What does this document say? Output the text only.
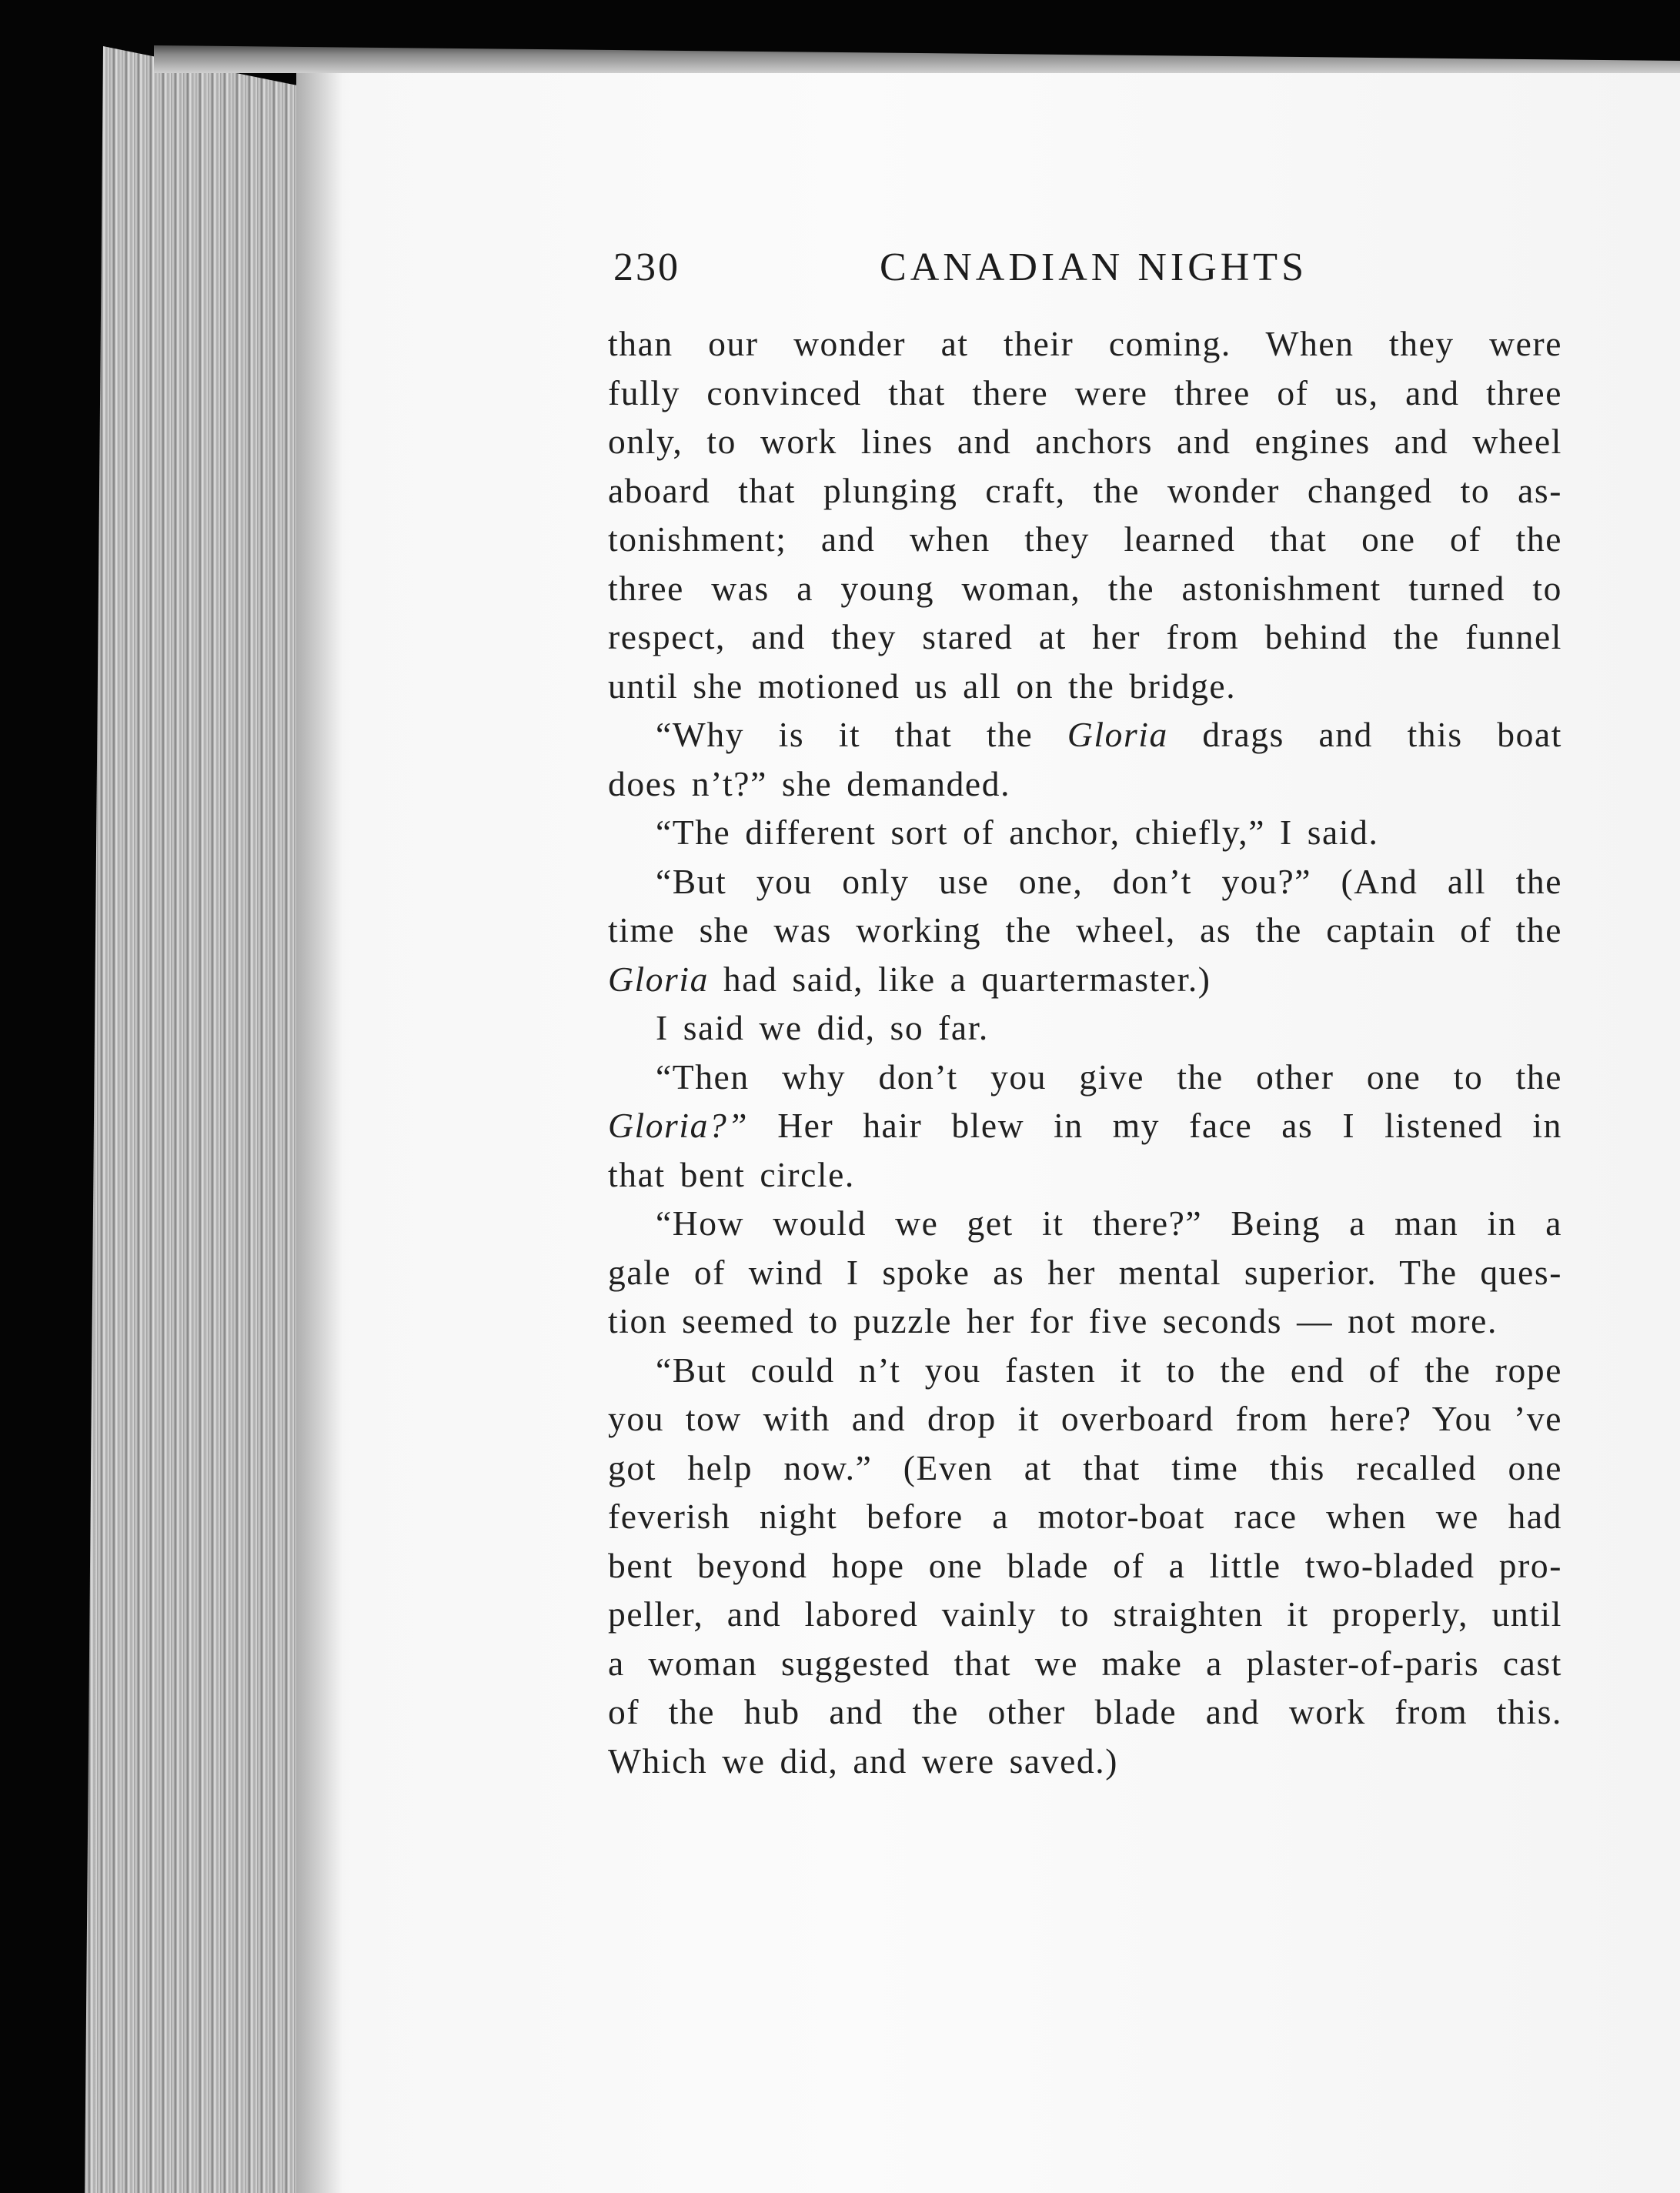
230	CANADIAN NIGHTS
than our wonder at their coming. When they were
fully convinced that there were three of us, and three
only, to work lines and anchors and engines and wheel
aboard that plunging craft, the wonder changed to as-
tonishment; and when they learned that one of the
three was a young woman, the astonishment turned to
respect, and they stared at her from behind the funnel
until she motioned us all on the bridge.
“Why is it that the Gloria drags and this boat
does n’t?” she demanded.
“The different sort of anchor, chiefly,” I said.
“But you only use one, don’t you?” (And all the
time she was working the wheel, as the captain of the
Gloria had said, like a quartermaster.)
I said we did, so far.
“Then why don’t you give the other one to the
Gloria?” Her hair blew in my face as I listened in
that bent circle.
“How would we get it there?” Being a man in a
gale of wind I spoke as her mental superior. The ques-
tion seemed to puzzle her for five seconds — not more.
“But could n’t you fasten it to the end of the rope
you tow with and drop it overboard from here? You ’ve
got help now.” (Even at that time this recalled one
feverish night before a motor-boat race when we had
bent beyond hope one blade of a little two-bladed pro-
peller, and labored vainly to straighten it properly, until
a woman suggested that we make a plaster-of-paris cast
of the hub and the other blade and work from this.
Which we did, and were saved.)
